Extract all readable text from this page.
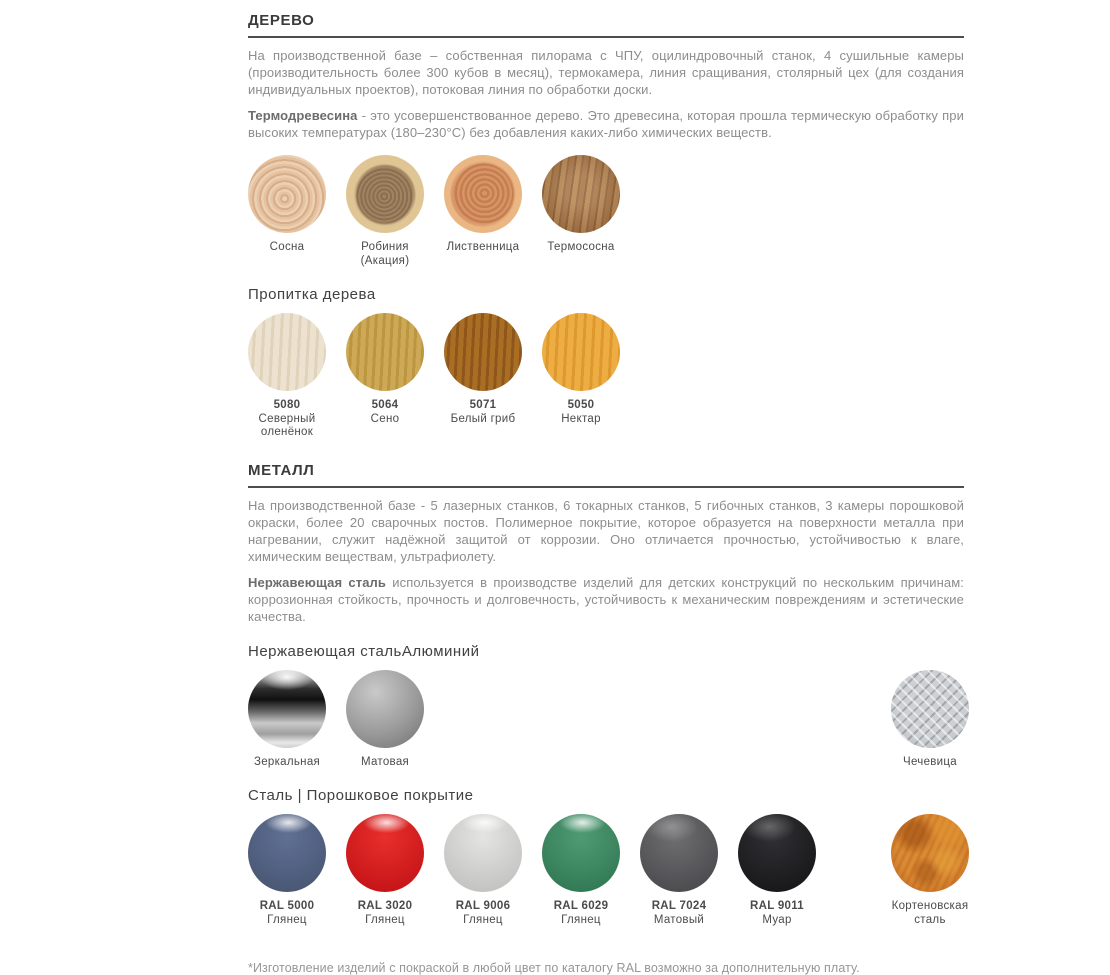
ДЕРЕВО

На производственной базе – собственная пилорама с ЧПУ, оцилиндровочный станок, 4 сушильные камеры (производительность более 300 кубов в месяц), термокамера, линия сращивания, столярный цех (для создания индивидуальных проектов), потоковая линия по обработки доски.

Термодревесина - это усовершенствованное дерево. Это древесина, которая прошла термическую обработку при высоких температурах (180–230°С) без добавления каких-либо химических веществ.

Сосна	Робиния (Акация)
Лиственница Термососна
Пропитка дерева
5080
Северный оленёнок
5064
Сено
5071
Белый гриб
5050
Нектар
МЕТАЛЛ

На производственной базе - 5 лазерных станков, 6 токарных станков, 5 гибочных станков, 3 камеры порошковой окраски, более 20 сварочных постов. Полимерное покрытие, которое образуется на поверхности металла при нагревании, служит надёжной защитой от коррозии. Оно отличается прочностью, устойчивостью к влаге, химическим веществам, ультрафиолету.

Нержавеющая сталь используется в производстве изделий для детских конструкций по нескольким причинам: коррозионная стойкость, прочность и долговечность, устойчивость к механическим повреждениям и эстетические качества.

Нержавеющая сталь Алюминий
Зеркальная	Матовая	Чечевица
Сталь | Порошковое покрытие
RAL 5000
Глянец
RAL 3020
Глянец
RAL 9006
Глянец
RAL 6029
Глянец
RAL 7024
Матовый
RAL 9011
Муар
Кортеновская сталь

*Изготовление изделий с покраской в любой цвет по каталогу RAL возможно за дополнительную плату.
